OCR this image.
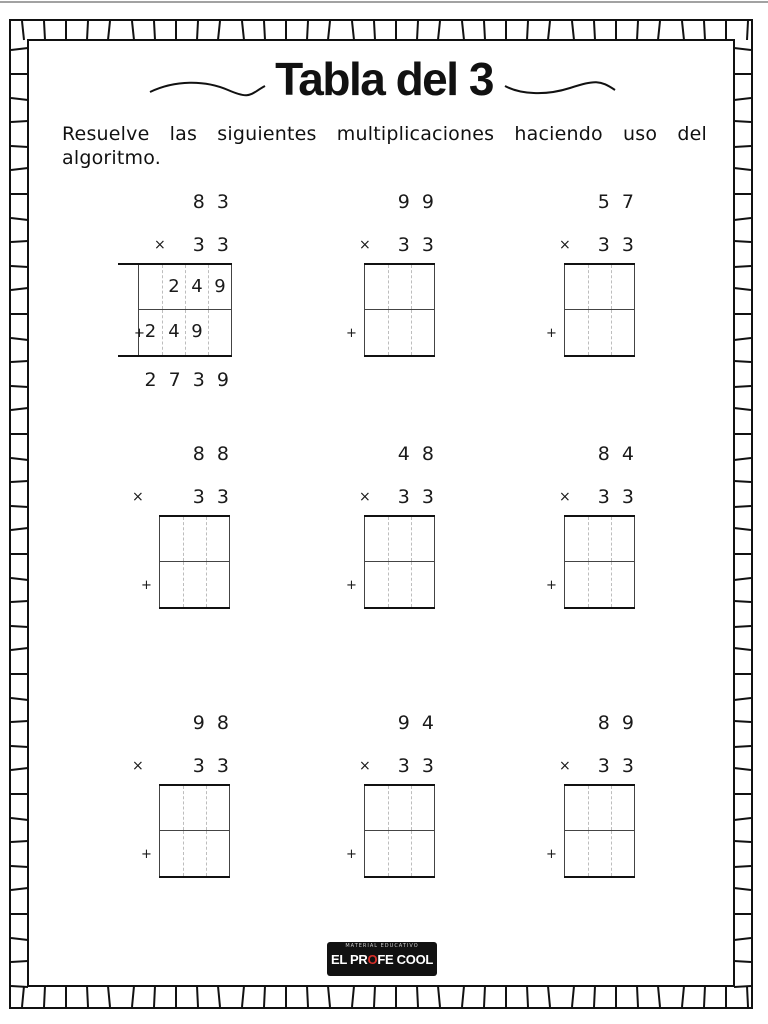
Tabla del 3
Resuelve las siguientes multiplicaciones haciendo uso del algoritmo.
8 3
3 3
×
2 4 9
2 4 9
+
2 7 3 9
9 9
3 3
×
+
5 7
3 3
×
+
8 8
3 3
×
+
4 8
3 3
×
+
8 4
3 3
×
+
9 8
3 3
×
+
9 4
3 3
×
+
8 9
3 3
×
+
MATERIAL EDUCATIVO
EL PROFE COOL
